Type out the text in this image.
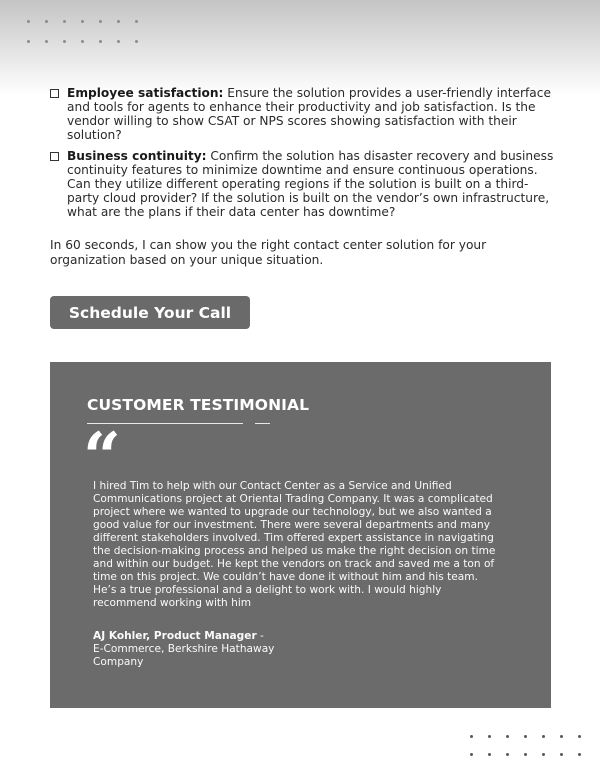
Employee satisfaction: Ensure the solution provides a user-friendly interface and tools for agents to enhance their productivity and job satisfaction. Is the vendor willing to show CSAT or NPS scores showing satisfaction with their solution?

Business continuity: Confirm the solution has disaster recovery and business continuity features to minimize downtime and ensure continuous operations. Can they utilize different operating regions if the solution is built on a third-party cloud provider? If the solution is built on the vendor’s own infrastructure, what are the plans if their data center has downtime?

In 60 seconds, I can show you the right contact center solution for your organization based on your unique situation.

Schedule Your Call
CUSTOMER TESTIMONIAL
“

I hired Tim to help with our Contact Center as a Service and Unified Communications project at Oriental Trading Company. It was a complicated project where we wanted to upgrade our technology, but we also wanted a good value for our investment. There were several departments and many different stakeholders involved. Tim offered expert assistance in navigating the decision-making process and helped us make the right decision on time and within our budget. He kept the vendors on track and saved me a ton of time on this project. We couldn’t have done it without him and his team. He’s a true professional and a delight to work with. I would highly recommend working with him

AJ Kohler, Product Manager -
E-Commerce, Berkshire Hathaway
Company
